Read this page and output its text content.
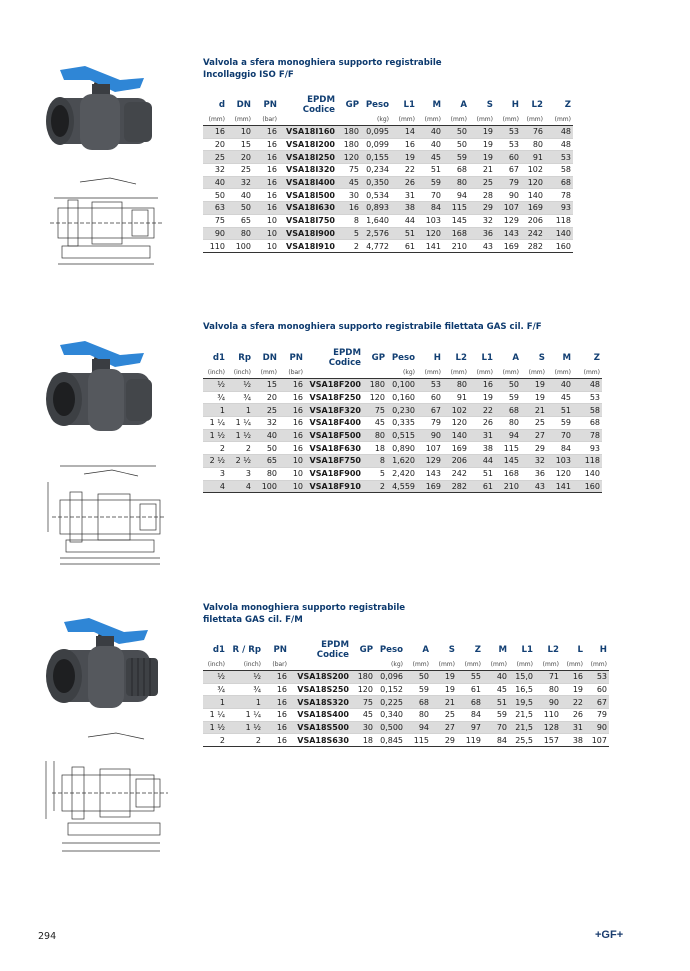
Valvola a sfera monoghiera supporto registrabile
Incollaggio ISO F/F
d	DN	PN	EPDM
Codice	GP	Peso	L1	M	A	S	H	L2	Z
(mm)	(mm)	(bar)			(kg)	(mm)	(mm)	(mm)	(mm)	(mm)	(mm)	(mm)
16	10	16	VSA18I160	180	0,095	14	40	50	19	53	76	48
20	15	16	VSA18I200	180	0,099	16	40	50	19	53	80	48
25	20	16	VSA18I250	120	0,155	19	45	59	19	60	91	53
32	25	16	VSA18I320	75	0,234	22	51	68	21	67	102	58
40	32	16	VSA18I400	45	0,350	26	59	80	25	79	120	68
50	40	16	VSA18I500	30	0,534	31	70	94	28	90	140	78
63	50	16	VSA18I630	16	0,893	38	84	115	29	107	169	93
75	65	10	VSA18I750	8	1,640	44	103	145	32	129	206	118
90	80	10	VSA18I900	5	2,576	51	120	168	36	143	242	140
110	100	10	VSA18I910	2	4,772	61	141	210	43	169	282	160
Valvola a sfera monoghiera supporto registrabile filettata GAS cil. F/F
d1	Rp	DN	PN	EPDM
Codice	GP	Peso	H	L2	L1	A	S	M	Z
(inch)	(inch)	(mm)	(bar)			(kg)	(mm)	(mm)	(mm)	(mm)	(mm)	(mm)	(mm)
½	½	15	16	VSA18F200	180	0,100	53	80	16	50	19	40	48
¾	¾	20	16	VSA18F250	120	0,160	60	91	19	59	19	45	53
1	1	25	16	VSA18F320	75	0,230	67	102	22	68	21	51	58
1 ¼	1 ¼	32	16	VSA18F400	45	0,335	79	120	26	80	25	59	68
1 ½	1 ½	40	16	VSA18F500	80	0,515	90	140	31	94	27	70	78
2	2	50	16	VSA18F630	18	0,890	107	169	38	115	29	84	93
2 ½	2 ½	65	10	VSA18F750	8	1,620	129	206	44	145	32	103	118
3	3	80	10	VSA18F900	5	2,420	143	242	51	168	36	120	140
4	4	100	10	VSA18F910	2	4,559	169	282	61	210	43	141	160
Valvola monoghiera supporto registrabile
filettata GAS cil. F/M
d1	R / Rp	PN	EPDM
Codice	GP	Peso	A	S	Z	M	L1	L2	L	H
(inch)	(inch)	(bar)			(kg)	(mm)	(mm)	(mm)	(mm)	(mm)	(mm)	(mm)	(mm)
½	½	16	VSA18S200	180	0,096	50	19	55	40	15,0	71	16	53
¾	¾	16	VSA18S250	120	0,152	59	19	61	45	16,5	80	19	60
1	1	16	VSA18S320	75	0,225	68	21	68	51	19,5	90	22	67
1 ¼	1 ¼	16	VSA18S400	45	0,340	80	25	84	59	21,5	110	26	79
1 ½	1 ½	16	VSA18S500	30	0,500	94	27	97	70	21,5	128	31	90
2	2	16	VSA18S630	18	0,845	115	29	119	84	25,5	157	38	107
294	+GF+
